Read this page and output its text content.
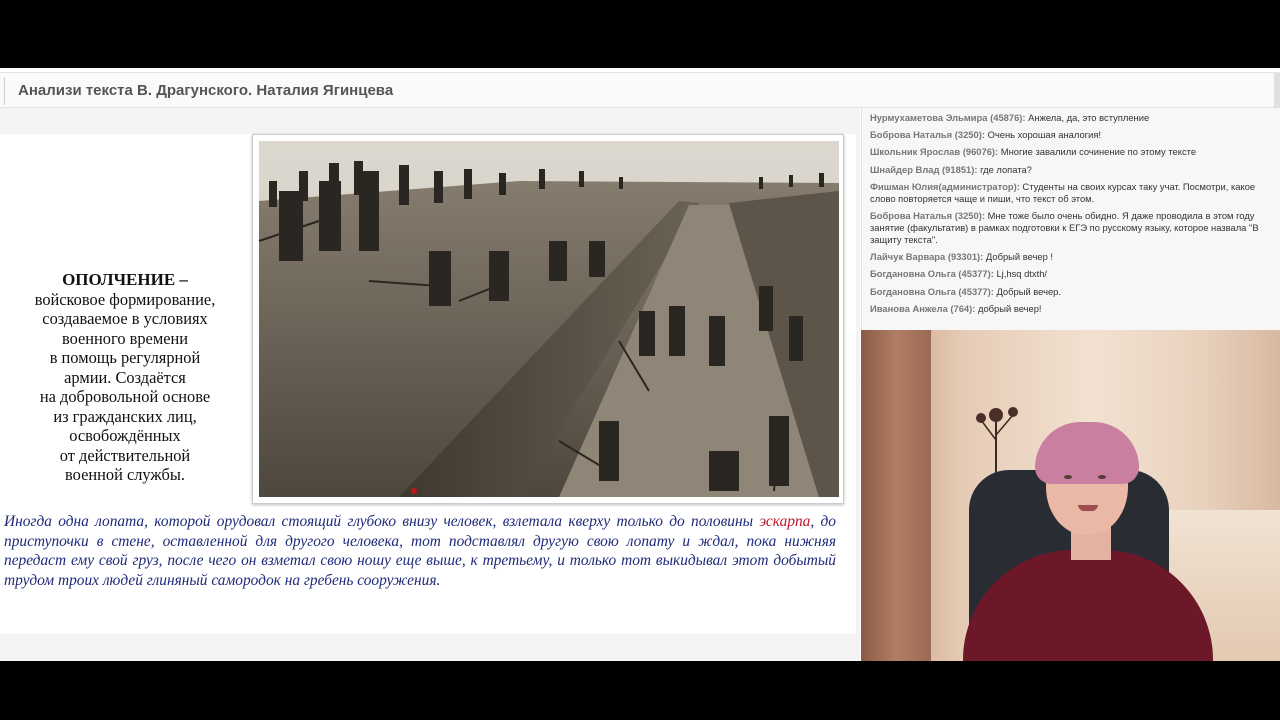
Анализи текста В. Драгунского. Наталия Ягинцева
ОПОЛЧЕНИЕ –
войсковое формирование,
создаваемое в условиях
военного времени
в помощь регулярной
армии. Создаётся
на добровольной основе
из гражданских лиц,
освобождённых
от действительной
военной службы.

Иногда одна лопата, которой орудовал стоящий глубоко внизу человек, взлетала кверху только до половины эскарпа, до приступочки в стене, оставленной для другого человека, тот подставлял другую свою лопату и ждал, пока нижняя передаст ему свой груз, после чего он взметал свою ношу еще выше, к третьему, и только тот выкидывал этот добытый трудом троих людей глиняный самородок на гребень сооружения.

Нурмухаметова Эльмира (45876): Анжела, да, это вступление
Боброва Наталья (3250): Очень хорошая аналогия!
Школьник Ярослав (96076): Многие завалили сочинение по этому тексте
Шнайдер Влад (91851): где лопата?
Фишман Юлия(администратор): Студенты на своих курсах таку учат. Посмотри, какое слово повторяется чаще и пиши, что текст об этом.
Боброва Наталья (3250): Мне тоже было очень обидно. Я даже проводила в этом году занятие (факультатив) в рамках подготовки к ЕГЭ по русскому языку, которое назвала "В защиту текста".
Лайчук Варвара (93301): Добрый вечер !
Богдановна Ольга (45377): Lj,hsq dtxth/
Богдановна Ольга (45377): Добрый вечер.
Иванова Анжела (764): добрый вечер!
